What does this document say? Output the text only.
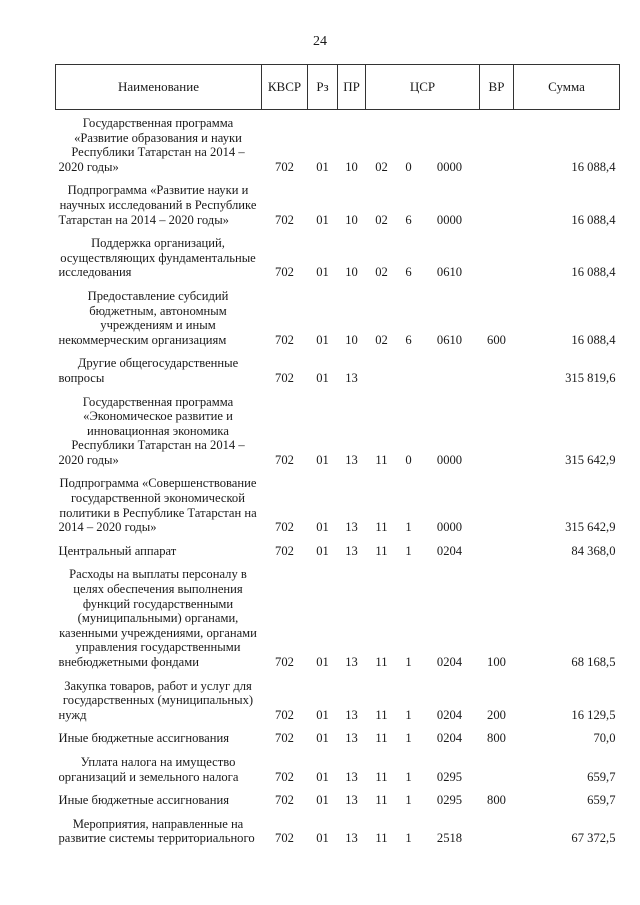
24
Наименование	КВСР	Рз	ПР	ЦСР			ВР	Сумма
Государственная программа «Развитие образования и науки Республики Татарстан на 2014 – 2020 годы»	702	01	10	02	0	0000		16 088,4
Подпрограмма «Развитие науки и научных исследований в Республике Татарстан на 2014 – 2020 годы»	702	01	10	02	6	0000		16 088,4
Поддержка организаций, осуществляющих фундаментальные исследования	702	01	10	02	6	0610		16 088,4
Предоставление субсидий бюджетным, автономным учреждениям и иным некоммерческим организациям	702	01	10	02	6	0610	600	16 088,4
Другие общегосударственные вопросы	702	01	13					315 819,6
Государственная программа «Экономическое развитие и инновационная экономика Республики Татарстан на 2014 – 2020 годы»	702	01	13	11	0	0000		315 642,9
Подпрограмма «Совершенствование государственной экономической политики в Республике Татарстан на 2014 – 2020 годы»	702	01	13	11	1	0000		315 642,9
Центральный аппарат	702	01	13	11	1	0204		84 368,0
Расходы на выплаты персоналу в целях обеспечения выполнения функций государственными (муниципальными) органами, казенными учреждениями, органами управления государственными внебюджетными фондами	702	01	13	11	1	0204	100	68 168,5
Закупка товаров, работ и услуг для государственных (муниципальных) нужд	702	01	13	11	1	0204	200	16 129,5
Иные бюджетные ассигнования	702	01	13	11	1	0204	800	70,0
Уплата налога на имущество организаций и земельного налога	702	01	13	11	1	0295		659,7
Иные бюджетные ассигнования	702	01	13	11	1	0295	800	659,7
Мероприятия, направленные на развитие системы территориального	702	01	13	11	1	2518		67 372,5
